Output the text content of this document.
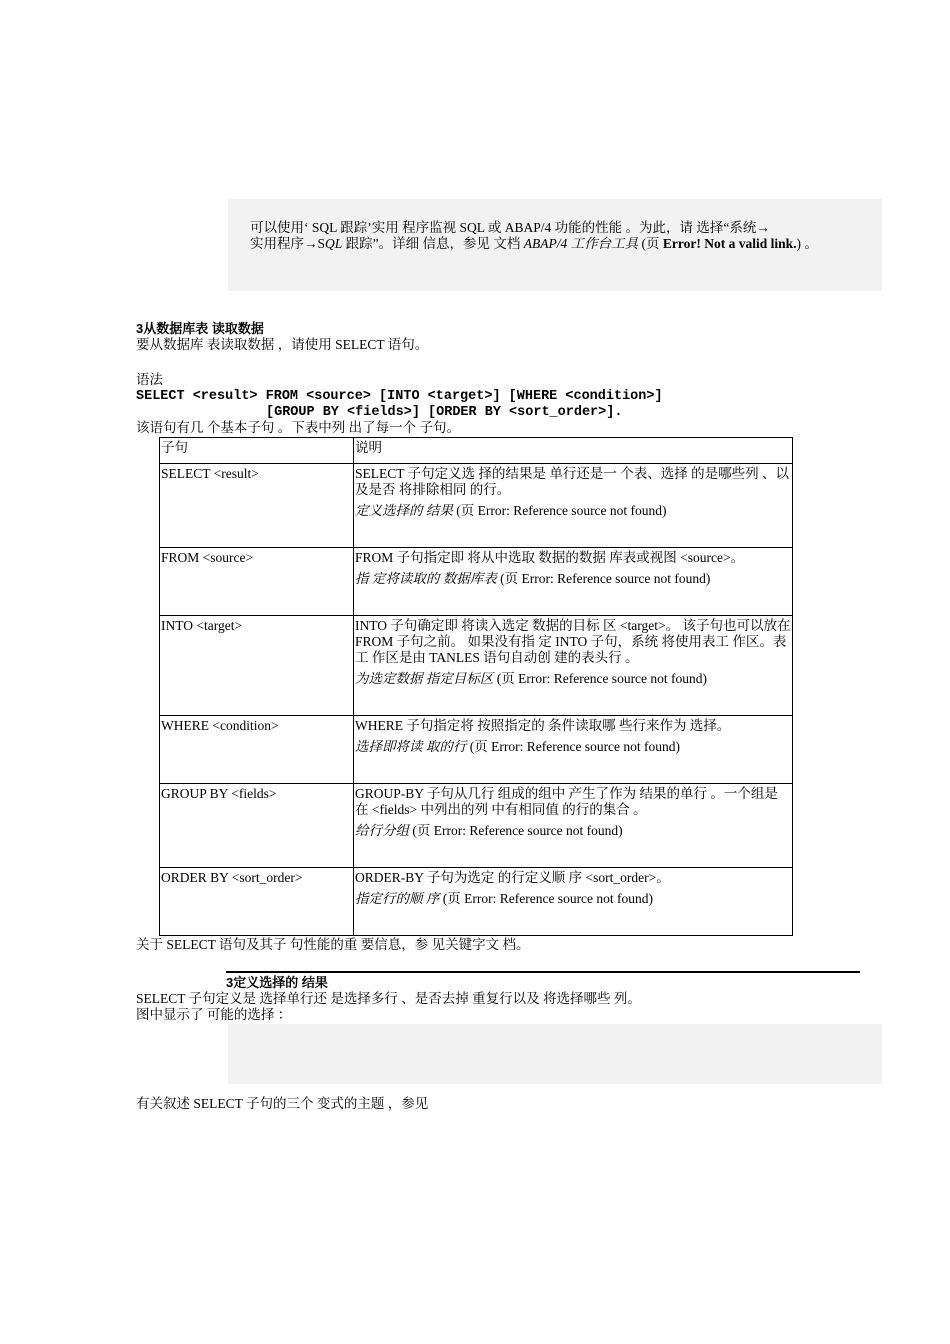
可以使用‘ SQL 跟踪’实用 程序监视 SQL 或 ABAP/4 功能的性能 。为此，请 选择“系统→
实用程序→SQL 跟踪”。详细 信息，参见 文档 ABAP/4 工作台工具 (页 Error! Not a valid link.) 。

3从数据库表 读取数据
要从数据库 表读取数据 ，请使用 SELECT 语句。
语法
SELECT <result> FROM <source> [INTO <target>] [WHERE <condition>]
[GROUP BY <fields>] [ORDER BY <sort_order>].
该语句有几 个基本子句 。下表中列 出了每一个 子句。
子句	说明
SELECT <result>	SELECT 子句定义选 择的结果是 单行还是一 个表、选择 的是哪些列 、以及是否 将排除相同 的行。

定义选择的 结果 (页 Error: Reference source not found)

FROM <source>	FROM 子句指定即 将从中选取 数据的数据 库表或视图 <source>。

指 定将读取的 数据库表 (页 Error: Reference source not found)

INTO <target>	INTO 子句确定即 将读入选定 数据的目标 区 <target>。 该子句也可以放在 FROM 子句之前。 如果没有指 定 INTO 子句，系统 将使用表工 作区。表工 作区是由 TANLES 语句自动创 建的表头行 。

为选定数据 指定目标区 (页 Error: Reference source not found)

WHERE <condition>	WHERE 子句指定将 按照指定的 条件读取哪 些行来作为 选择。

选择即将读 取的行 (页 Error: Reference source not found)

GROUP BY <fields>	GROUP-BY 子句从几行 组成的组中 产生了作为 结果的单行 。一个组是 在 <fields> 中列出的列 中有相同值 的行的集合 。

给行分组 (页 Error: Reference source not found)

ORDER BY <sort_order>	ORDER-BY 子句为选定 的行定义顺 序 <sort_order>。

指定行的顺 序 (页 Error: Reference source not found)

关于 SELECT 语句及其子 句性能的重 要信息，参 见关键字文 档。
3定义选择的 结果
SELECT 子句定义是 选择单行还 是选择多行 、是否去掉 重复行以及 将选择哪些 列。
图中显示了 可能的选择 ：
有关叙述 SELECT 子句的三个 变式的主题 ，参见
